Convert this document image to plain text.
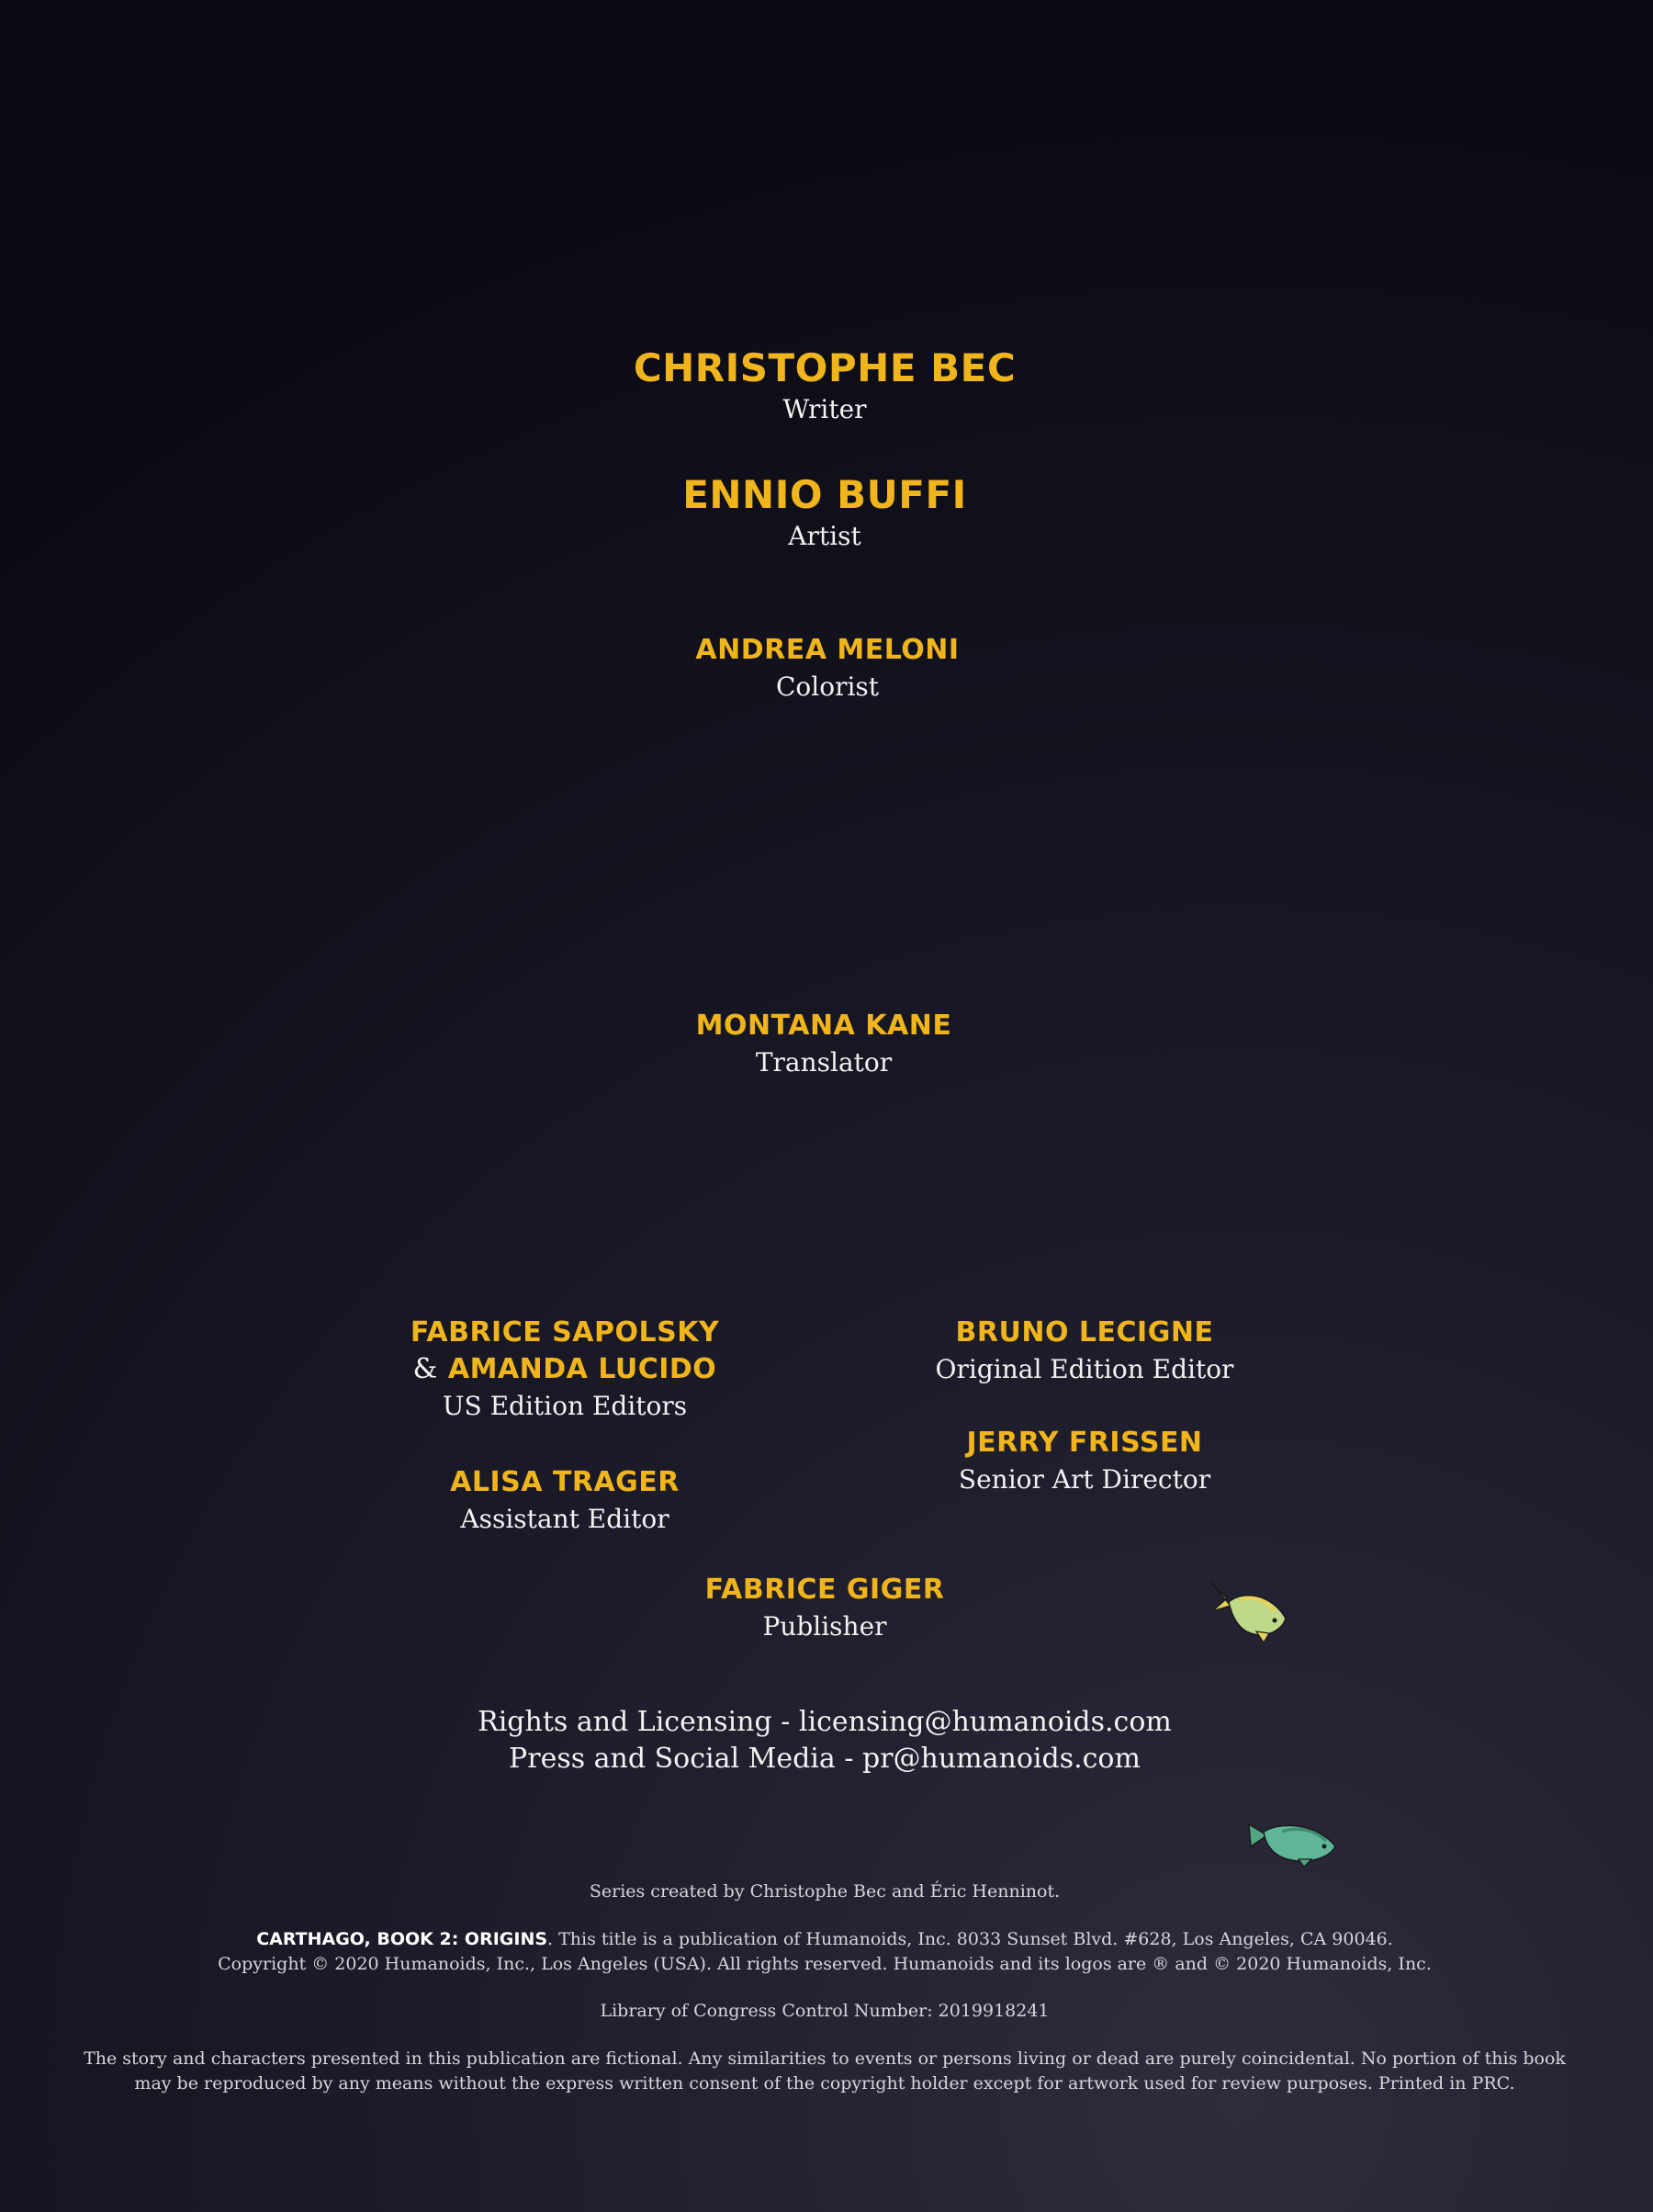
CHRISTOPHE BEC
Writer
ENNIO BUFFI
Artist
ANDREA MELONI
Colorist
MONTANA KANE
Translator
FABRICE SAPOLSKY
& AMANDA LUCIDO
US Edition Editors
ALISA TRAGER
Assistant Editor
BRUNO LECIGNE
Original Edition Editor
JERRY FRISSEN
Senior Art Director
FABRICE GIGER
Publisher
Rights and Licensing - licensing@humanoids.com
Press and Social Media - pr@humanoids.com
Series created by Christophe Bec and Éric Henninot.
CARTHAGO, BOOK 2: ORIGINS. This title is a publication of Humanoids, Inc. 8033 Sunset Blvd. #628, Los Angeles, CA 90046.
Copyright © 2020 Humanoids, Inc., Los Angeles (USA). All rights reserved. Humanoids and its logos are ® and © 2020 Humanoids, Inc.
Library of Congress Control Number: 2019918241
The story and characters presented in this publication are fictional. Any similarities to events or persons living or dead are purely coincidental. No portion of this book
may be reproduced by any means without the express written consent of the copyright holder except for artwork used for review purposes. Printed in PRC.
